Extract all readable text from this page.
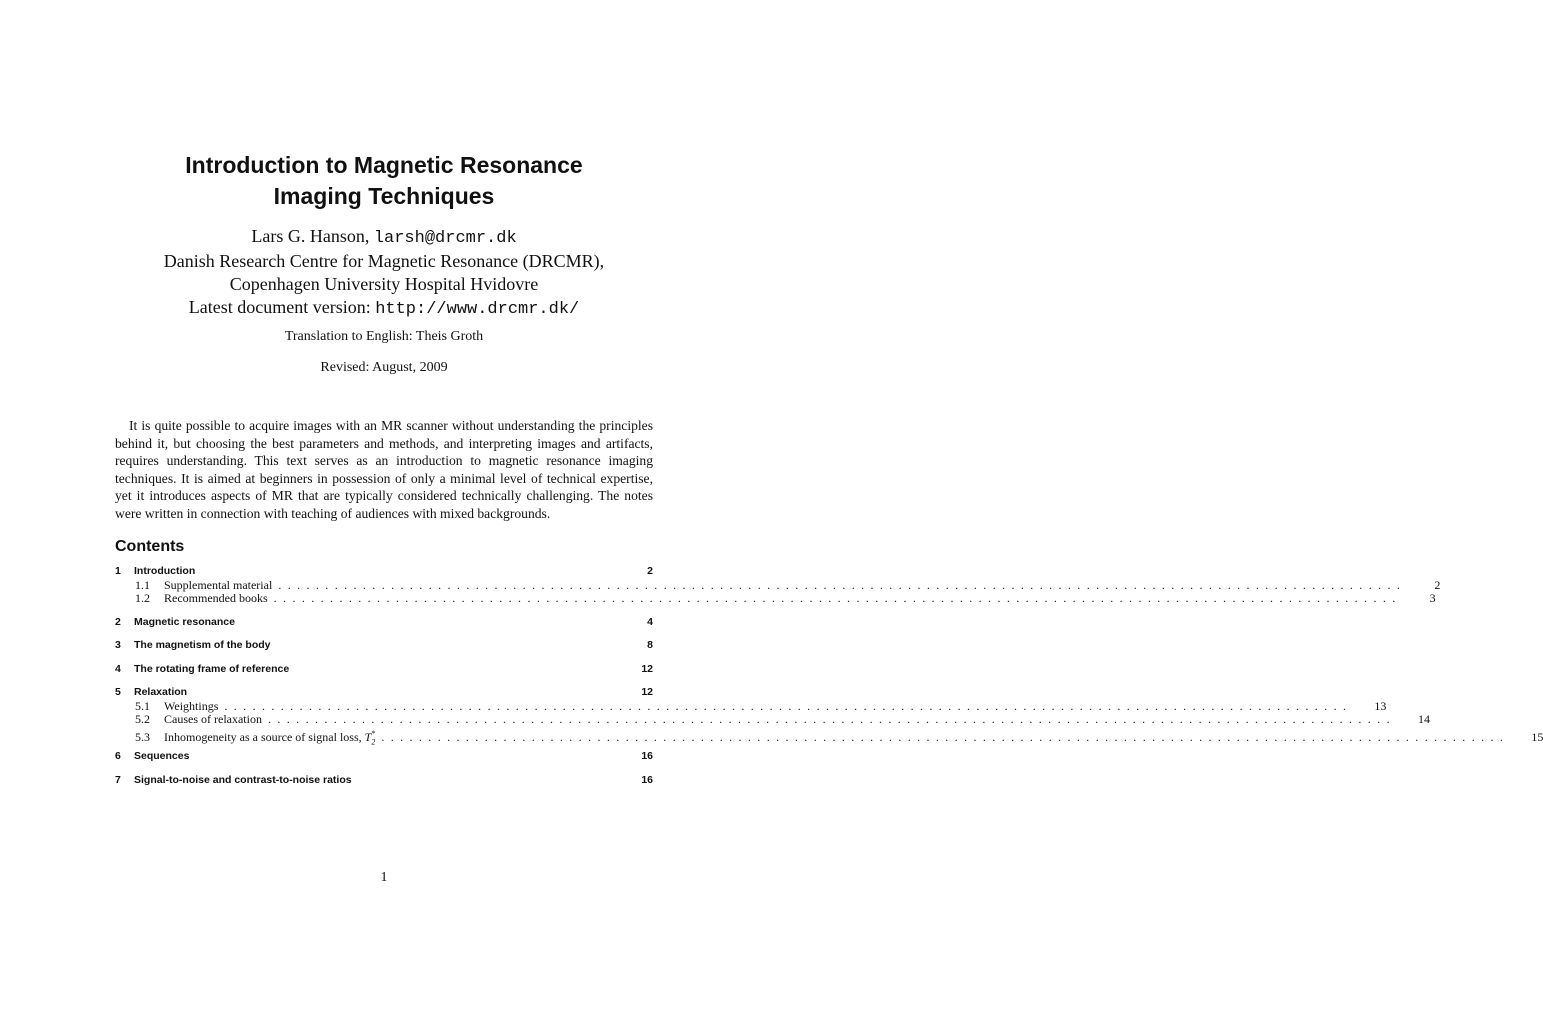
Introduction to Magnetic Resonance
Imaging Techniques
Lars G. Hanson, larsh@drcmr.dk
Danish Research Centre for Magnetic Resonance (DRCMR),
Copenhagen University Hospital Hvidovre
Latest document version: http://www.drcmr.dk/
Translation to English: Theis Groth
Revised: August, 2009
It is quite possible to acquire images with an MR scanner without understanding the principles behind it, but choosing the best parameters and methods, and interpreting images and artifacts, requires understanding. This text serves as an introduction to magnetic resonance imaging techniques. It is aimed at beginners in possession of only a minimal level of technical expertise, yet it introduces aspects of MR that are typically considered technically challenging. The notes were written in connection with teaching of audiences with mixed backgrounds.
Contents
1	Introduction	2
1.1	Supplemental material ........................................................................................................................	2
1.2	Recommended books ........................................................................................................................	3
2	Magnetic resonance	4
3	The magnetism of the body	8
4	The rotating frame of reference	12
5	Relaxation	12
5.1	Weightings ........................................................................................................................	13
5.2	Causes of relaxation ........................................................................................................................	14
5.3	Inhomogeneity as a source of signal loss, $T_2^*$ ........................................................................................................................	15
6	Sequences	16
7	Signal-to-noise and contrast-to-noise ratios	16
1
